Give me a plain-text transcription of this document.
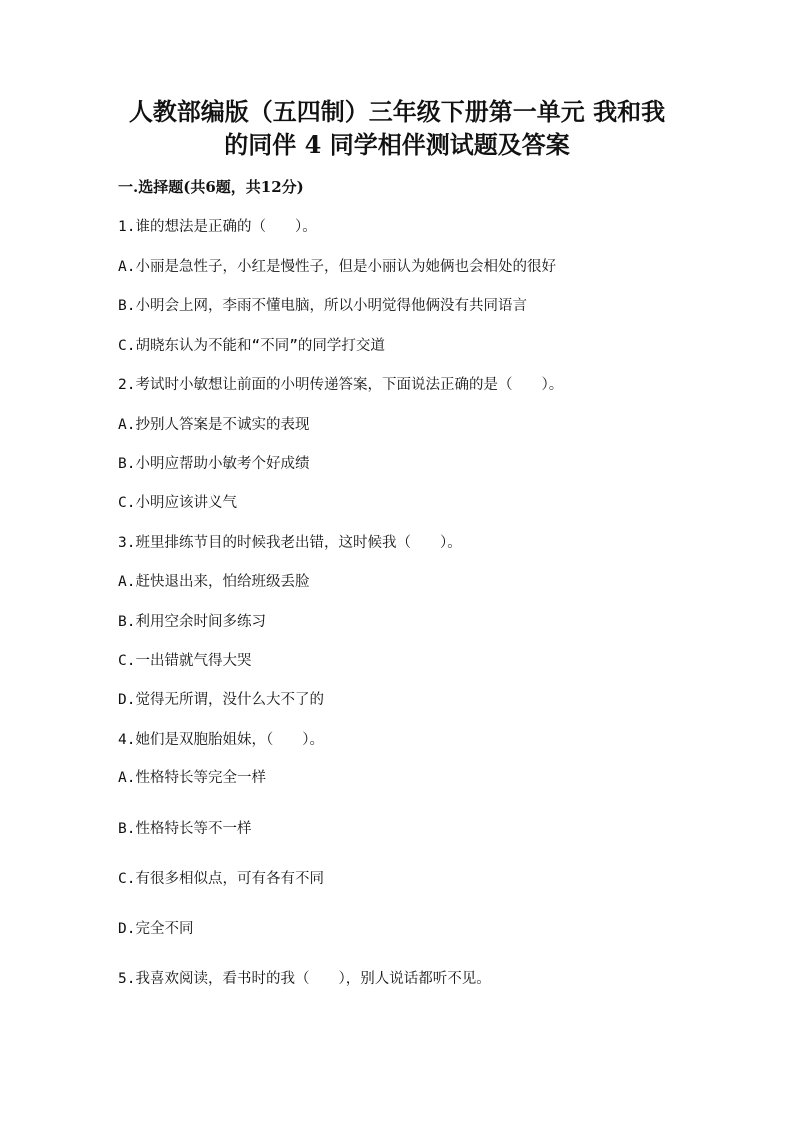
人教部编版（五四制）三年级下册第一单元 我和我
的同伴 4 同学相伴测试题及答案
一.选择题(共6题，共12分)

1.谁的想法是正确的（　　）。

A.小丽是急性子，小红是慢性子，但是小丽认为她俩也会相处的很好

B.小明会上网，李雨不懂电脑，所以小明觉得他俩没有共同语言

C.胡晓东认为不能和“不同”的同学打交道

2.考试时小敏想让前面的小明传递答案，下面说法正确的是（　　）。

A.抄别人答案是不诚实的表现

B.小明应帮助小敏考个好成绩

C.小明应该讲义气

3.班里排练节目的时候我老出错，这时候我（　　）。

A.赶快退出来，怕给班级丢脸

B.利用空余时间多练习

C.一出错就气得大哭

D.觉得无所谓，没什么大不了的

4.她们是双胞胎姐妹，（　　）。

A.性格特长等完全一样

B.性格特长等不一样

C.有很多相似点，可有各有不同

D.完全不同

5.我喜欢阅读，看书时的我（　　），别人说话都听不见。
